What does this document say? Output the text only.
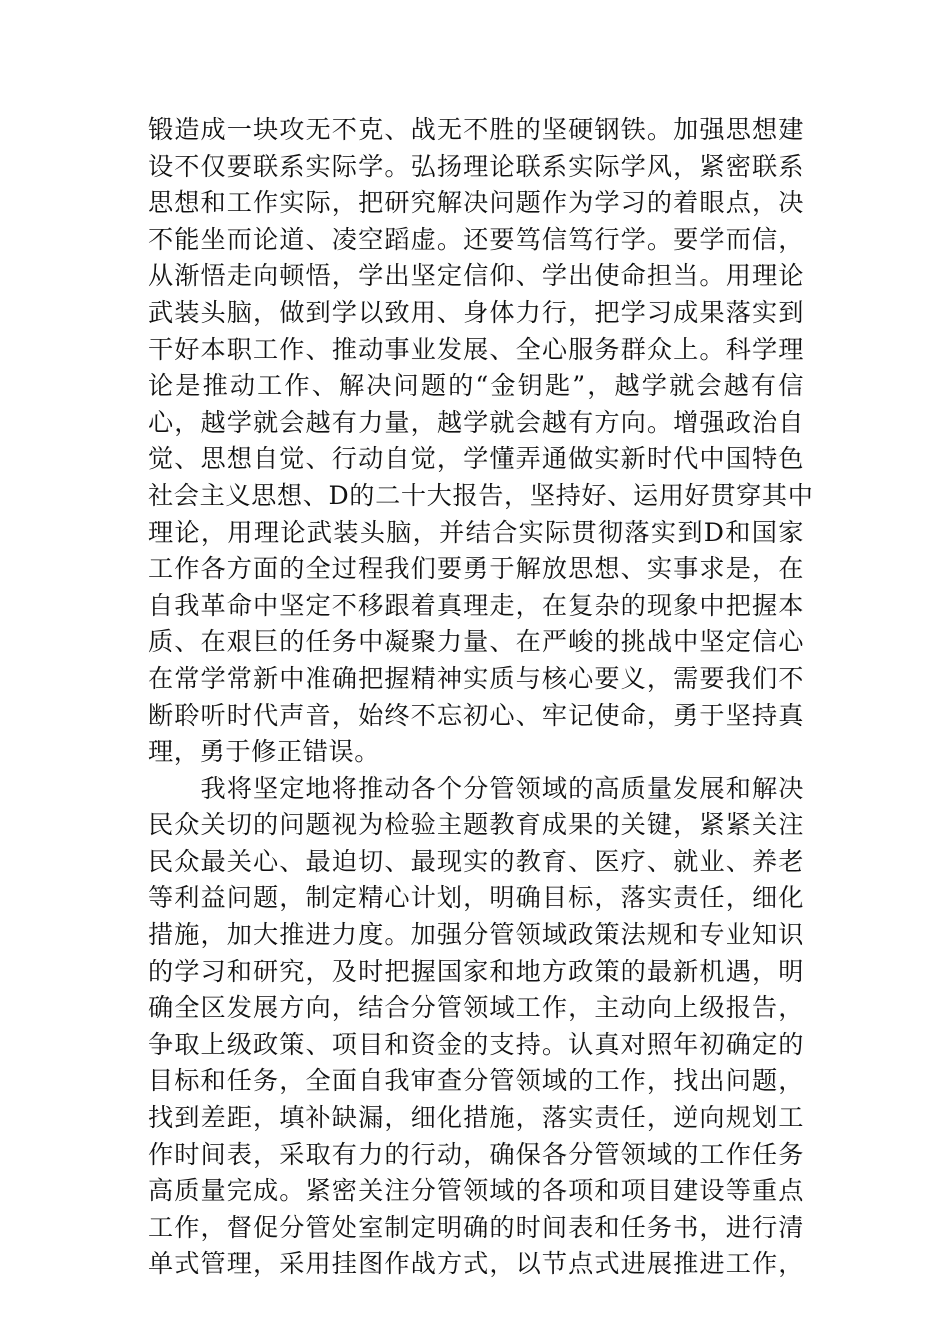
锻造成一块攻无不克、战无不胜的坚硬钢铁。加强思想建
设不仅要联系实际学。弘扬理论联系实际学风，紧密联系
思想和工作实际，把研究解决问题作为学习的着眼点，决
不能坐而论道、凌空蹈虚。还要笃信笃行学。要学而信，
从渐悟走向顿悟，学出坚定信仰、学出使命担当。用理论
武装头脑，做到学以致用、身体力行，把学习成果落实到
干好本职工作、推动事业发展、全心服务群众上。科学理
论是推动工作、解决问题的“金钥匙”，越学就会越有信
心，越学就会越有力量，越学就会越有方向。增强政治自
觉、思想自觉、行动自觉，学懂弄通做实新时代中国特色
社会主义思想、D的二十大报告，坚持好、运用好贯穿其中
理论，用理论武装头脑，并结合实际贯彻落实到D和国家
工作各方面的全过程我们要勇于解放思想、实事求是，在
自我革命中坚定不移跟着真理走，在复杂的现象中把握本
质、在艰巨的任务中凝聚力量、在严峻的挑战中坚定信心
在常学常新中准确把握精神实质与核心要义，需要我们不
断聆听时代声音，始终不忘初心、牢记使命，勇于坚持真
理，勇于修正错误。
　　我将坚定地将推动各个分管领域的高质量发展和解决
民众关切的问题视为检验主题教育成果的关键，紧紧关注
民众最关心、最迫切、最现实的教育、医疗、就业、养老
等利益问题，制定精心计划，明确目标，落实责任，细化
措施，加大推进力度。加强分管领域政策法规和专业知识
的学习和研究，及时把握国家和地方政策的最新机遇，明
确全区发展方向，结合分管领域工作，主动向上级报告，
争取上级政策、项目和资金的支持。认真对照年初确定的
目标和任务，全面自我审查分管领域的工作，找出问题，
找到差距，填补缺漏，细化措施，落实责任，逆向规划工
作时间表，采取有力的行动，确保各分管领域的工作任务
高质量完成。紧密关注分管领域的各项和项目建设等重点
工作，督促分管处室制定明确的时间表和任务书，进行清
单式管理，采用挂图作战方式，以节点式进展推进工作，
